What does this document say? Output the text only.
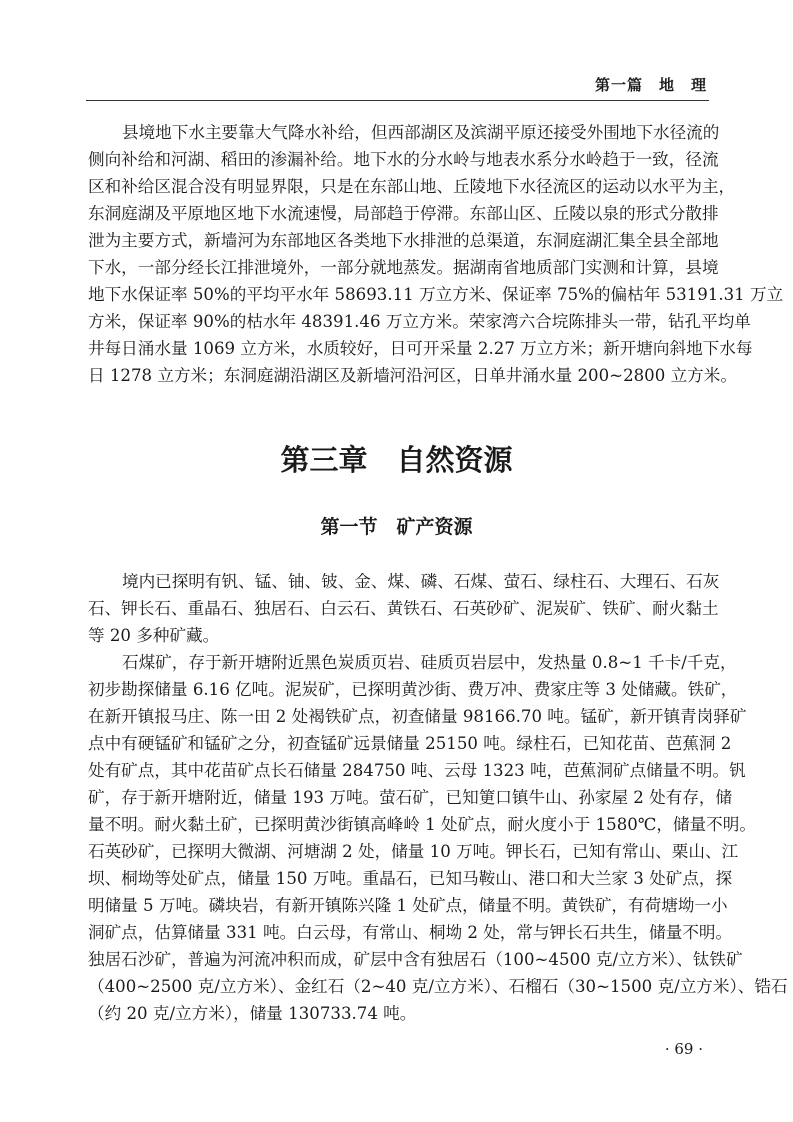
第一篇　地　理
县境地下水主要靠大气降水补给，但西部湖区及滨湖平原还接受外围地下水径流的
侧向补给和河湖、稻田的渗漏补给。地下水的分水岭与地表水系分水岭趋于一致，径流
区和补给区混合没有明显界限，只是在东部山地、丘陵地下水径流区的运动以水平为主，
东洞庭湖及平原地区地下水流速慢，局部趋于停滞。东部山区、丘陵以泉的形式分散排
泄为主要方式，新墙河为东部地区各类地下水排泄的总渠道，东洞庭湖汇集全县全部地
下水，一部分经长江排泄境外，一部分就地蒸发。据湖南省地质部门实测和计算，县境
地下水保证率 50%的平均平水年 58693.11 万立方米、保证率 75%的偏枯年 53191.31 万立
方米，保证率 90%的枯水年 48391.46 万立方米。荣家湾六合垸陈排头一带，钻孔平均单
井每日涌水量 1069 立方米，水质较好，日可开采量 2.27 万立方米；新开塘向斜地下水每
日 1278 立方米；东洞庭湖沿湖区及新墙河沿河区，日单井涌水量 200~2800 立方米。
第三章　自然资源
第一节　矿产资源
境内已探明有钒、锰、铀、铍、金、煤、磷、石煤、萤石、绿柱石、大理石、石灰
石、钾长石、重晶石、独居石、白云石、黄铁石、石英砂矿、泥炭矿、铁矿、耐火黏土
等 20 多种矿藏。
石煤矿，存于新开塘附近黑色炭质页岩、硅质页岩层中，发热量 0.8~1 千卡/千克，
初步勘探储量 6.16 亿吨。泥炭矿，已探明黄沙街、费万冲、费家庄等 3 处储藏。铁矿，
在新开镇报马庄、陈一田 2 处褐铁矿点，初查储量 98166.70 吨。锰矿，新开镇青岗驿矿
点中有硬锰矿和锰矿之分，初查锰矿远景储量 25150 吨。绿柱石，已知花苗、芭蕉洞 2
处有矿点，其中花苗矿点长石储量 284750 吨、云母 1323 吨，芭蕉洞矿点储量不明。钒
矿，存于新开塘附近，储量 193 万吨。萤石矿，已知筻口镇牛山、孙家屋 2 处有存，储
量不明。耐火黏土矿，已探明黄沙街镇高峰岭 1 处矿点，耐火度小于 1580℃，储量不明。
石英砂矿，已探明大微湖、河塘湖 2 处，储量 10 万吨。钾长石，已知有常山、栗山、江
坝、桐坳等处矿点，储量 150 万吨。重晶石，已知马鞍山、港口和大兰家 3 处矿点，探
明储量 5 万吨。磷块岩，有新开镇陈兴隆 1 处矿点，储量不明。黄铁矿，有荷塘坳一小
洞矿点，估算储量 331 吨。白云母，有常山、桐坳 2 处，常与钾长石共生，储量不明。
独居石沙矿，普遍为河流冲积而成，矿层中含有独居石（100~4500 克/立方米）、钛铁矿
（400~2500 克/立方米）、金红石（2~40 克/立方米）、石榴石（30~1500 克/立方米）、锆石
（约 20 克/立方米），储量 130733.74 吨。
· 69 ·
